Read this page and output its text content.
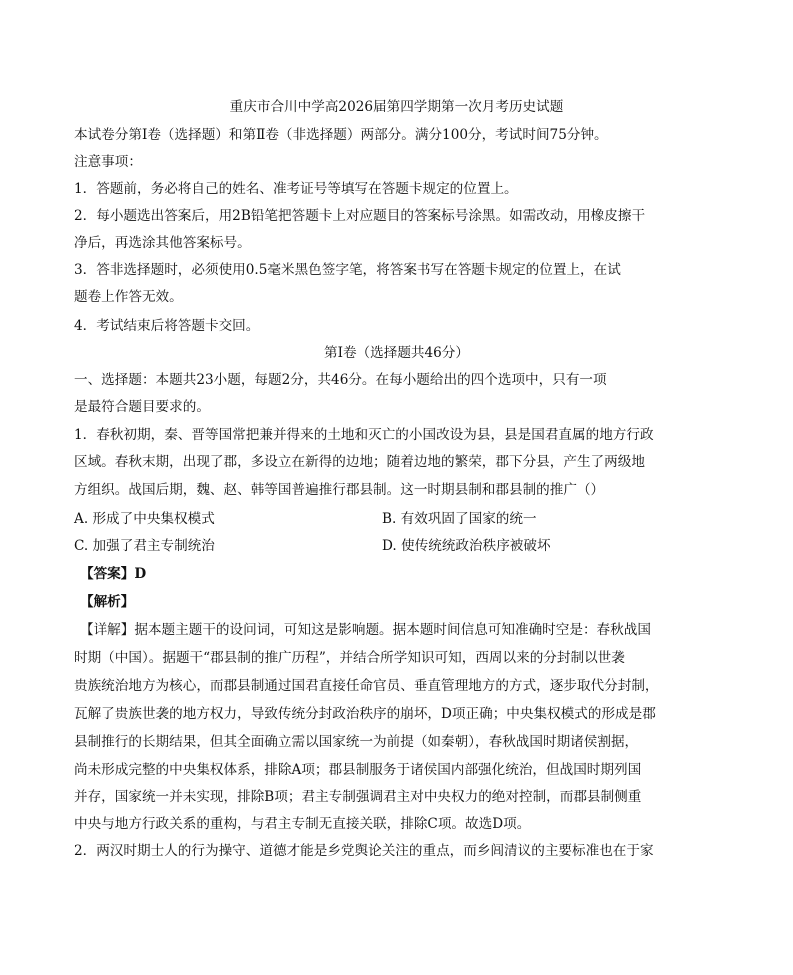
重庆市合川中学高2026届第四学期第一次月考历史试题
本试卷分第Ⅰ卷（选择题）和第Ⅱ卷（非选择题）两部分。满分100分，考试时间75分钟。
注意事项：
1．答题前，务必将自己的姓名、准考证号等填写在答题卡规定的位置上。
2．每小题选出答案后，用2B铅笔把答题卡上对应题目的答案标号涂黑。如需改动，用橡皮擦干
净后，再选涂其他答案标号。
3．答非选择题时，必须使用0.5毫米黑色签字笔，将答案书写在答题卡规定的位置上，在试
题卷上作答无效。
4．考试结束后将答题卡交回。
第Ⅰ卷（选择题共46分）
一、选择题：本题共23小题，每题2分，共46分。在每小题给出的四个选项中，只有一项
是最符合题目要求的。
1．春秋初期，秦、晋等国常把兼并得来的土地和灭亡的小国改设为县，县是国君直属的地方行政
区域。春秋末期，出现了郡，多设立在新得的边地；随着边地的繁荣，郡下分县，产生了两级地
方组织。战国后期，魏、赵、韩等国普遍推行郡县制。这一时期县制和郡县制的推广（）
A. 形成了中央集权模式	B. 有效巩固了国家的统一
C. 加强了君主专制统治	D. 使传统统政治秩序被破坏
【答案】D
【解析】
【详解】据本题主题干的设问词，可知这是影响题。据本题时间信息可知准确时空是：春秋战国
时期（中国）。据题干“郡县制的推广历程”，并结合所学知识可知，西周以来的分封制以世袭
贵族统治地方为核心，而郡县制通过国君直接任命官员、垂直管理地方的方式，逐步取代分封制，
瓦解了贵族世袭的地方权力，导致传统分封政治秩序的崩坏，D项正确；中央集权模式的形成是郡
县制推行的长期结果，但其全面确立需以国家统一为前提（如秦朝），春秋战国时期诸侯割据，
尚未形成完整的中央集权体系，排除A项；郡县制服务于诸侯国内部强化统治，但战国时期列国
并存，国家统一并未实现，排除B项；君主专制强调君主对中央权力的绝对控制，而郡县制侧重
中央与地方行政关系的重构，与君主专制无直接关联，排除C项。故选D项。
2．两汉时期士人的行为操守、道德才能是乡党舆论关注的重点，而乡闾清议的主要标准也在于家
